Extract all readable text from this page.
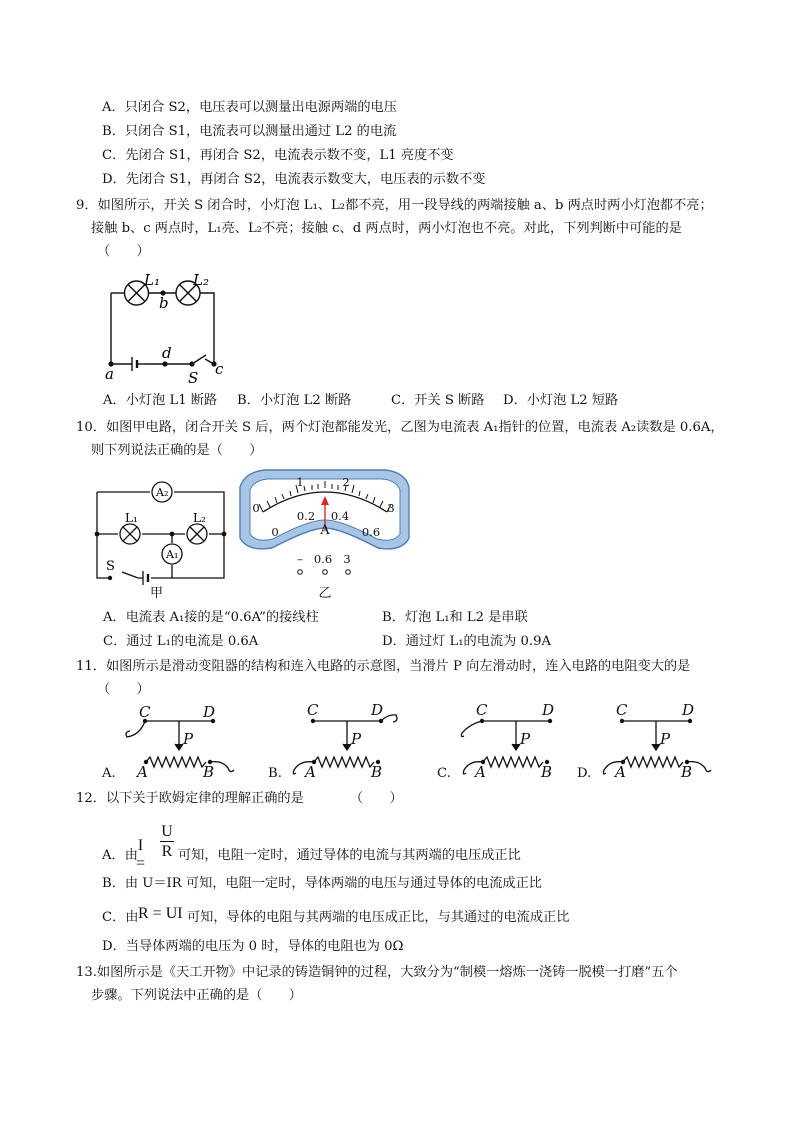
A．只闭合 S2，电压表可以测量出电源两端的电压
B．只闭合 S1，电流表可以测量出通过 L2 的电流
C．先闭合 S1，再闭合 S2，电流表示数不变，L1 亮度不变
D．先闭合 S1，再闭合 S2，电流表示数变大，电压表的示数不变
9．如图所示，开关 S 闭合时，小灯泡 L₁、L₂都不亮，用一段导线的两端接触 a、b 两点时两小灯泡都不亮；
接触 b、c 两点时，L₁亮、L₂不亮；接触 c、d 两点时，两小灯泡也不亮。对此，下列判断中可能的是
（　　）
L₁ L₂
b
a
d
S c
A．小灯泡 L1 断路 B．小灯泡 L2 断路	C．开关 S 断路 D．小灯泡 L2 短路
10．如图甲电路，闭合开关 S 后，两个灯泡都能发光，乙图为电流表 A₁指针的位置，电流表 A₂读数是 0.6A，
则下列说法正确的是（　　）
A₂
A₁
L₁	L₂
S
甲
0
1	2
3
0
0.2 0.4
0.6
A
– 0.6 3
乙
A．电流表 A₁接的是“0.6A”的接线柱	B．灯泡 L₁和 L2 是串联
C．通过 L₁的电流是 0.6A	D．通过灯 L₁的电流为 0.9A
11．如图所示是滑动变阻器的结构和连入电路的示意图，当滑片 P 向左滑动时，连入电路的电阻变大的是
（　　）
C	D
P
A	B
C	D
P
A	B
C	D
P
A	B
C	D
P
A	B
A.	B.	C.	D.
12．以下关于欧姆定律的理解正确的是　　　　（　　）
I =
U
R
A．由	可知，电阻一定时，通过导体的电流与其两端的电压成正比
B．由 U＝IR 可知，电阻一定时，导体两端的电压与通过导体的电流成正比
C．由 R = UI 可知，导体的电阻与其两端的电压成正比，与其通过的电流成正比
D．当导体两端的电压为 0 时，导体的电阻也为 0Ω
13.如图所示是《天工开物》中记录的铸造铜钟的过程，大致分为“制模一熔炼一浇铸一脱模一打磨”五个
步骤。下列说法中正确的是（　　）
